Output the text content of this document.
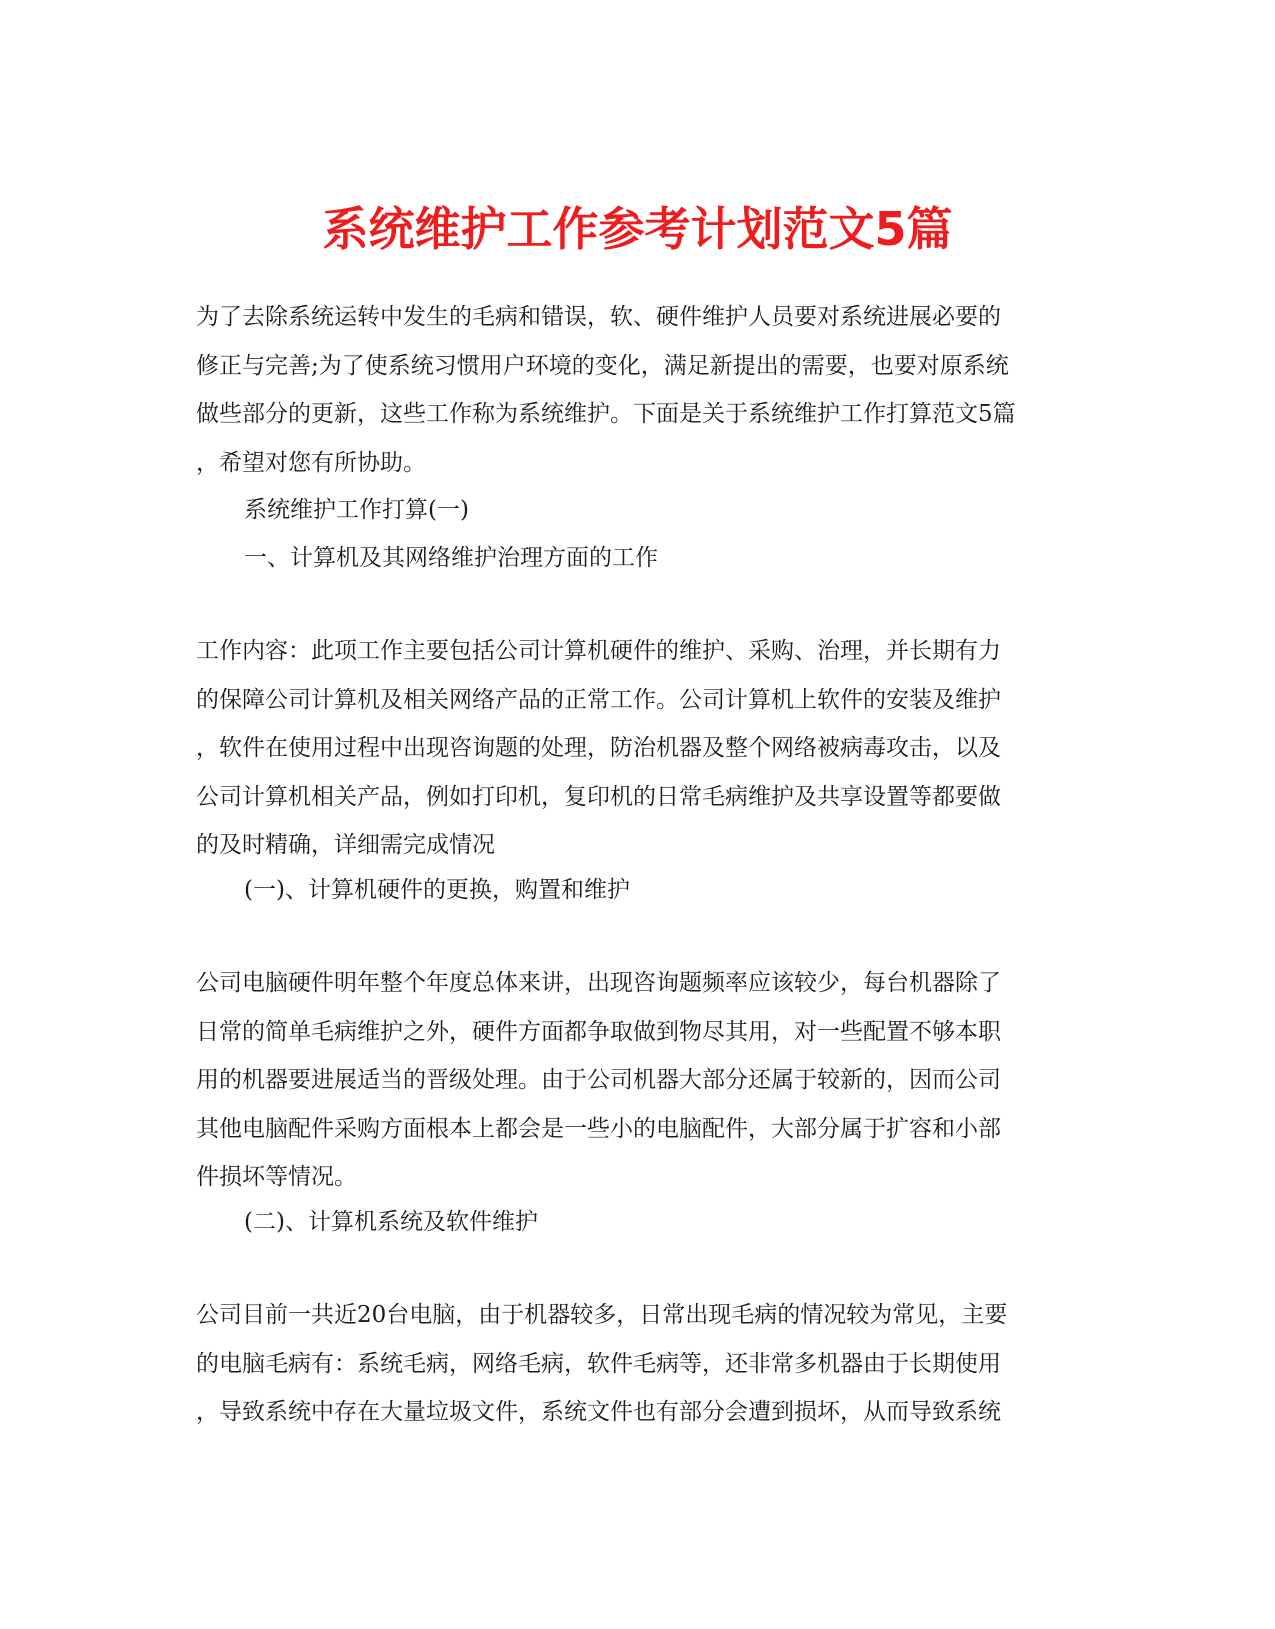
系统维护工作参考计划范文5篇

为了去除系统运转中发生的毛病和错误，软、硬件维护人员要对系统进展必要的
修正与完善;为了使系统习惯用户环境的变化，满足新提出的需要，也要对原系统
做些部分的更新，这些工作称为系统维护。下面是关于系统维护工作打算范文5篇
，希望对您有所协助。

系统维护工作打算(一)

一、计算机及其网络维护治理方面的工作

工作内容：此项工作主要包括公司计算机硬件的维护、采购、治理，并长期有力
的保障公司计算机及相关网络产品的正常工作。公司计算机上软件的安装及维护
，软件在使用过程中出现咨询题的处理，防治机器及整个网络被病毒攻击，以及
公司计算机相关产品，例如打印机，复印机的日常毛病维护及共享设置等都要做
的及时精确，详细需完成情况

(一)、计算机硬件的更换，购置和维护

公司电脑硬件明年整个年度总体来讲，出现咨询题频率应该较少，每台机器除了
日常的简单毛病维护之外，硬件方面都争取做到物尽其用，对一些配置不够本职
用的机器要进展适当的晋级处理。由于公司机器大部分还属于较新的，因而公司
其他电脑配件采购方面根本上都会是一些小的电脑配件，大部分属于扩容和小部
件损坏等情况。

(二)、计算机系统及软件维护

公司目前一共近20台电脑，由于机器较多，日常出现毛病的情况较为常见，主要
的电脑毛病有：系统毛病，网络毛病，软件毛病等，还非常多机器由于长期使用
，导致系统中存在大量垃圾文件，系统文件也有部分会遭到损坏，从而导致系统
